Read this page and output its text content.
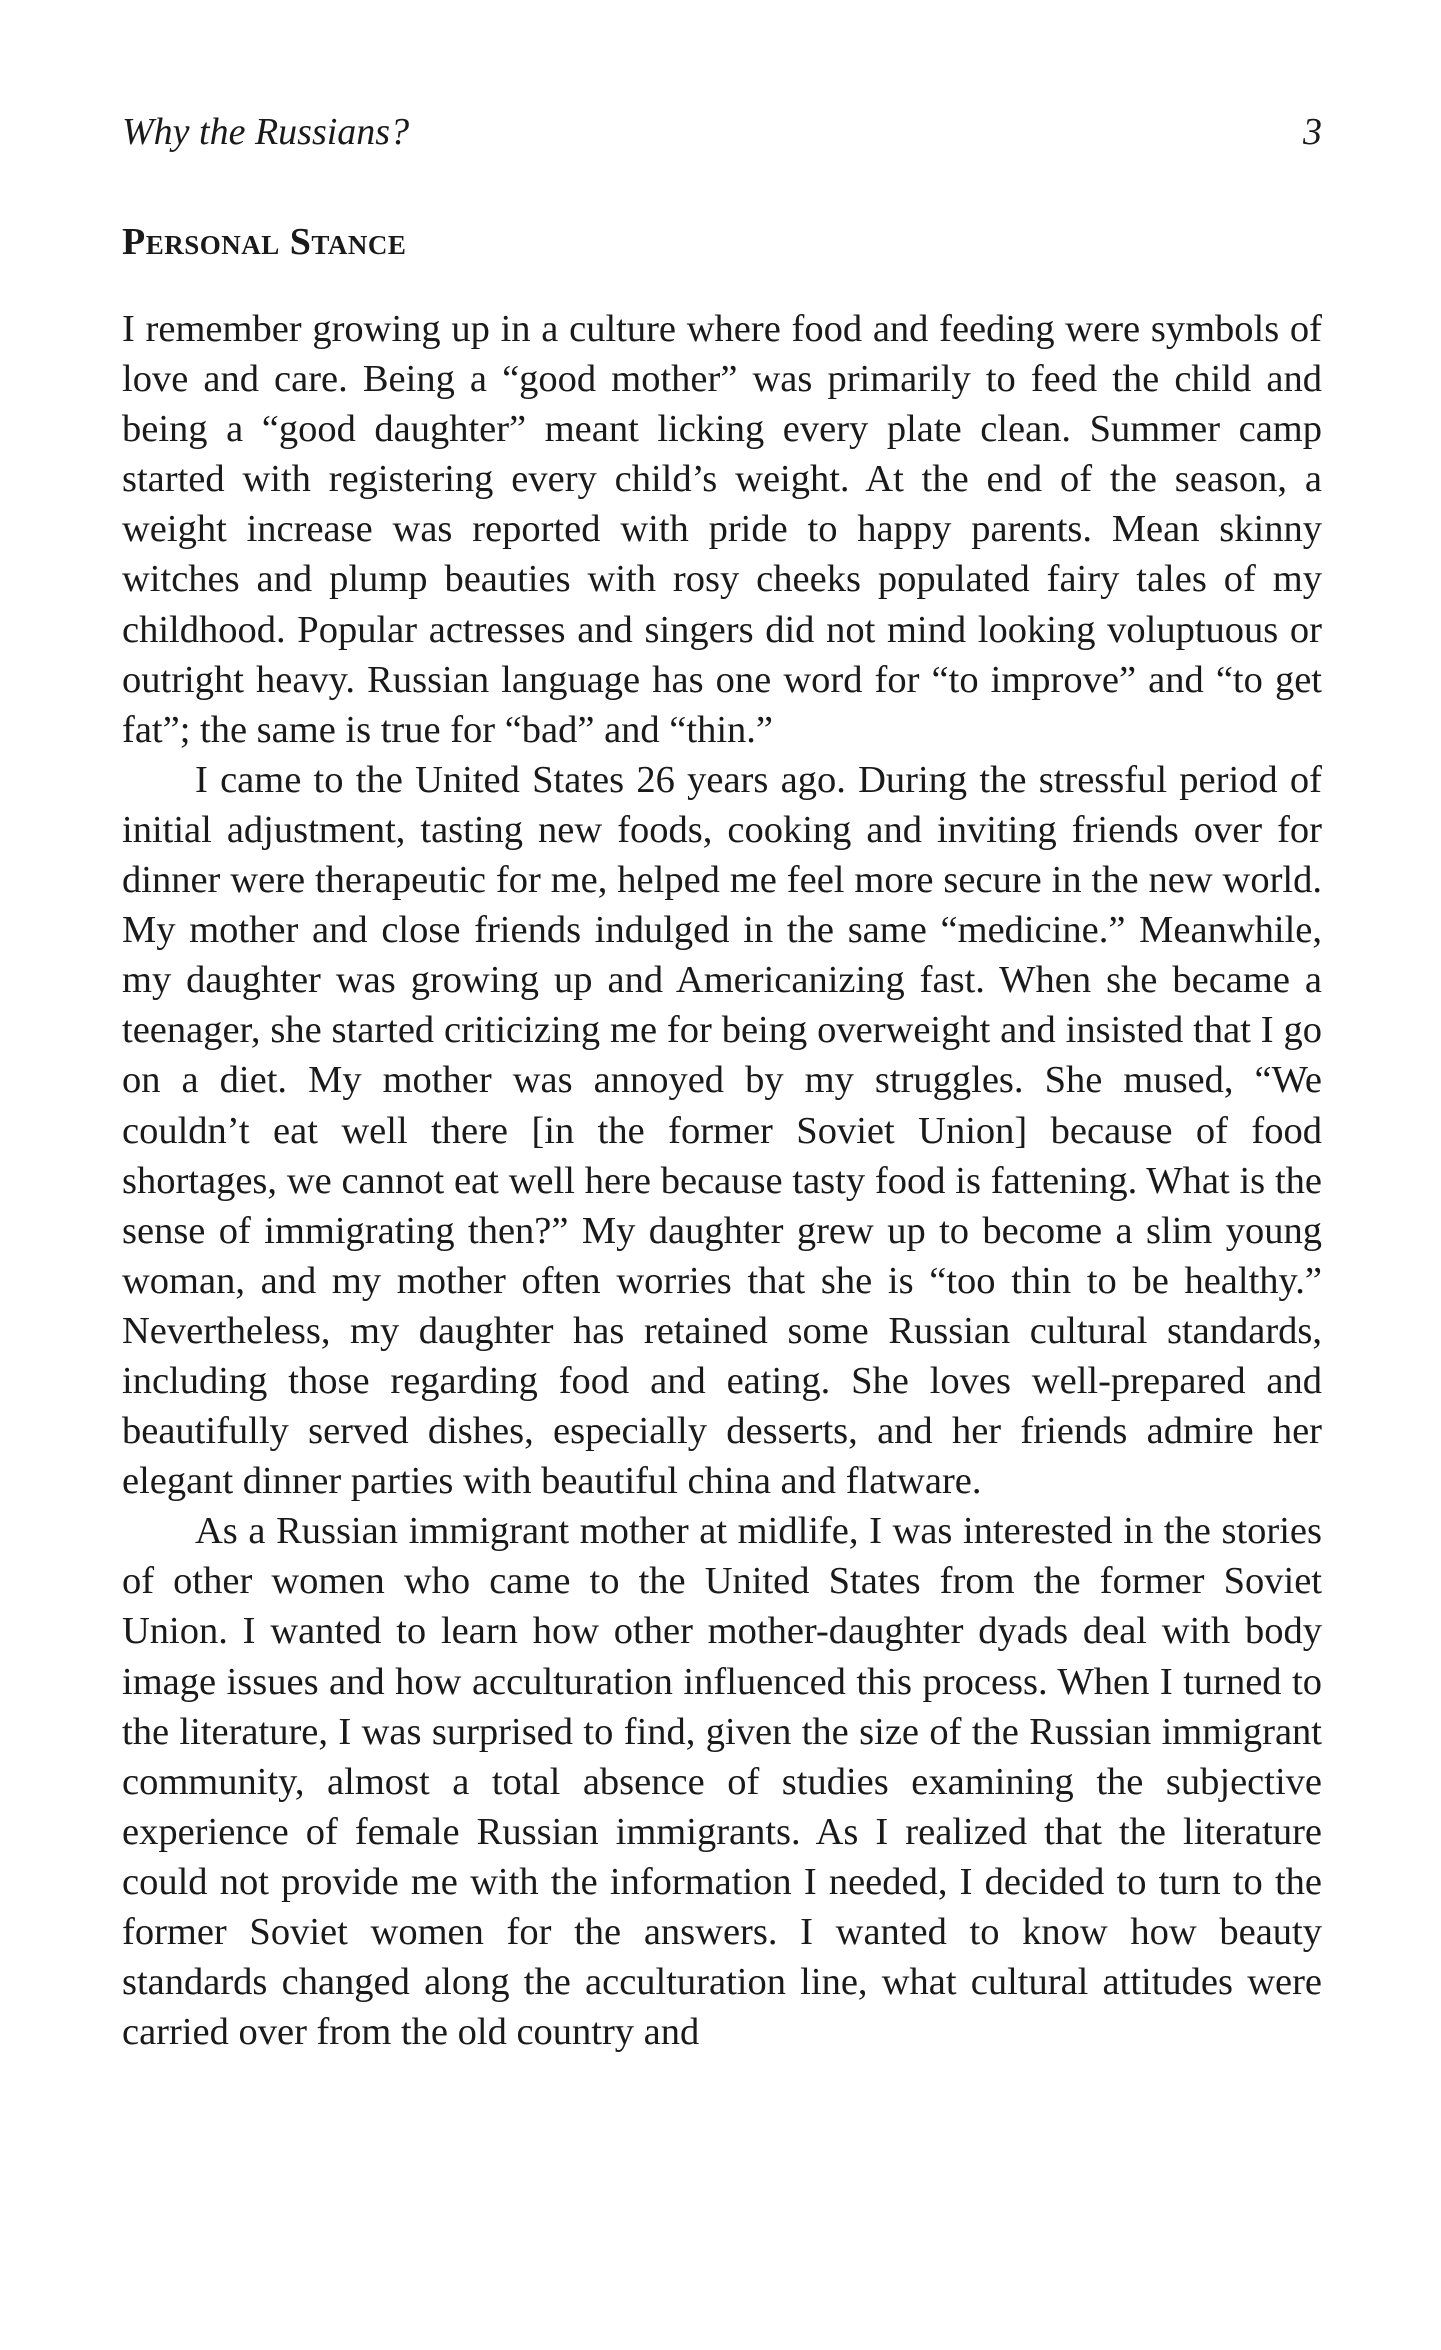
Why the Russians?	3
Personal Stance

I remember growing up in a culture where food and feeding were symbols of love and care. Being a “good mother” was primarily to feed the child and being a “good daughter” meant licking every plate clean. Summer camp started with registering every child’s weight. At the end of the season, a weight increase was reported with pride to happy parents. Mean skinny witches and plump beauties with rosy cheeks populated fairy tales of my childhood. Popular actresses and singers did not mind looking voluptuous or outright heavy. Russian language has one word for “to improve” and “to get fat”; the same is true for “bad” and “thin.”

I came to the United States 26 years ago. During the stressful period of initial adjustment, tasting new foods, cooking and inviting friends over for dinner were therapeutic for me, helped me feel more secure in the new world. My mother and close friends indulged in the same “medicine.” Meanwhile, my daughter was growing up and Americanizing fast. When she became a teenager, she started criticizing me for being overweight and insisted that I go on a diet. My mother was annoyed by my struggles. She mused, “We couldn’t eat well there [in the former Soviet Union] because of food shortages, we cannot eat well here because tasty food is fattening. What is the sense of immigrating then?” My daughter grew up to become a slim young woman, and my mother often worries that she is “too thin to be healthy.” Nevertheless, my daughter has retained some Russian cultural standards, including those regarding food and eating. She loves well-prepared and beautifully served dishes, especially desserts, and her friends admire her elegant dinner parties with beautiful china and flatware.

As a Russian immigrant mother at midlife, I was interested in the stories of other women who came to the United States from the former Soviet Union. I wanted to learn how other mother-daughter dyads deal with body image issues and how acculturation influenced this process. When I turned to the literature, I was surprised to find, given the size of the Russian immigrant community, almost a total absence of studies examining the subjective experience of female Russian immigrants. As I realized that the literature could not provide me with the information I needed, I decided to turn to the former Soviet women for the answers. I wanted to know how beauty standards changed along the acculturation line, what cultural attitudes were carried over from the old country and
